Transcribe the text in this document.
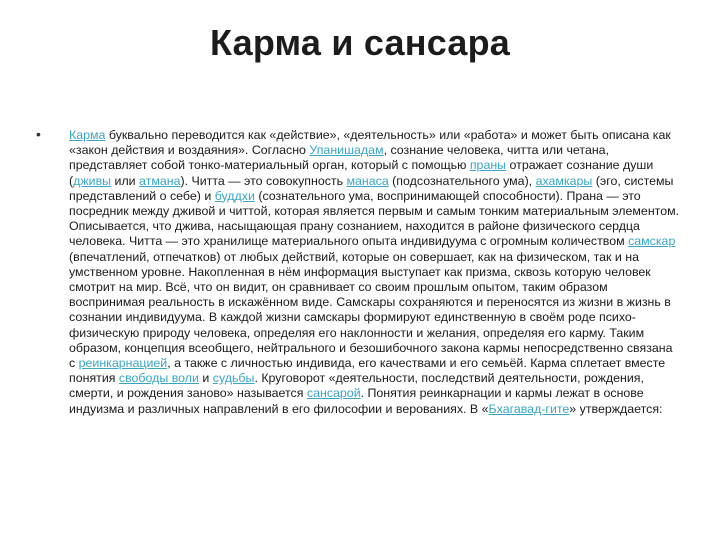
Карма и сансара
• Карма буквально переводится как «действие», «деятельность» или «работа» и может быть описана как «закон действия и воздаяния». Согласно Упанишадам, сознание человека, читта или четана, представляет собой тонко-материальный орган, который с помощью праны отражает сознание души (дживы или атмана). Читта — это совокупность манаса (подсознательного ума), ахамкары (эго, системы представлений о себе) и буддхи (сознательного ума, воспринимающей способности). Прана — это посредник между дживой и читтой, которая является первым и самым тонким материальным элементом. Описывается, что джива, насыщающая прану сознанием, находится в районе физического сердца человека. Читта — это хранилище материального опыта индивидуума с огромным количеством самскар (впечатлений, отпечатков) от любых действий, которые он совершает, как на физическом, так и на умственном уровне. Накопленная в нём информация выступает как призма, сквозь которую человек смотрит на мир. Всё, что он видит, он сравнивает со своим прошлым опытом, таким образом воспринимая реальность в искажённом виде. Самскары сохраняются и переносятся из жизни в жизнь в сознании индивидуума. В каждой жизни самскары формируют единственную в своём роде психо-физическую природу человека, определяя его наклонности и желания, определяя его карму. Таким образом, концепция всеобщего, нейтрального и безошибочного закона кармы непосредственно связана с реинкарнацией, а также с личностью индивида, его качествами и его семьёй. Карма сплетает вместе понятия свободы воли и судьбы. Круговорот «деятельности, последствий деятельности, рождения, смерти, и рождения заново» называется сансарой. Понятия реинкарнации и кармы лежат в основе индуизма и различных направлений в его философии и верованиях. В «Бхагавад-гите» утверждается:
